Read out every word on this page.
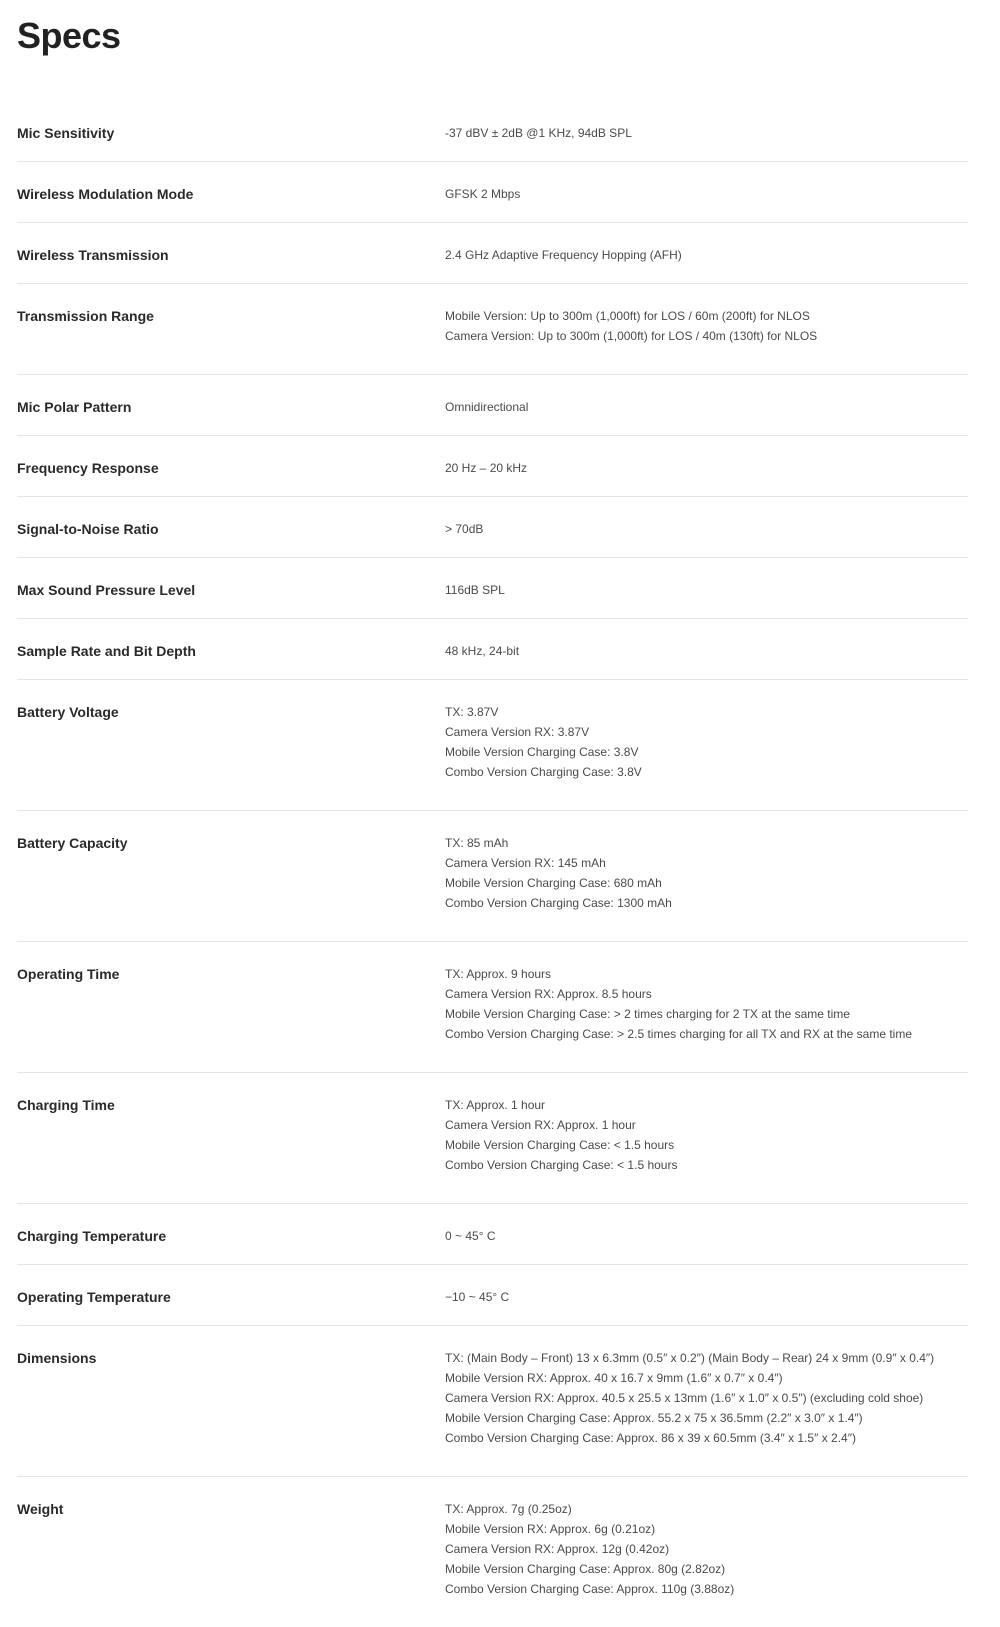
Specs
Mic Sensitivity	-37 dBV ± 2dB @1 KHz, 94dB SPL
Wireless Modulation Mode	GFSK 2 Mbps
Wireless Transmission	2.4 GHz Adaptive Frequency Hopping (AFH)
Transmission Range	Mobile Version: Up to 300m (1,000ft) for LOS / 60m (200ft) for NLOS
Camera Version: Up to 300m (1,000ft) for LOS / 40m (130ft) for NLOS
Mic Polar Pattern	Omnidirectional
Frequency Response	20 Hz – 20 kHz
Signal-to-Noise Ratio	> 70dB
Max Sound Pressure Level	116dB SPL
Sample Rate and Bit Depth	48 kHz, 24-bit
Battery Voltage	TX: 3.87V
Camera Version RX: 3.87V
Mobile Version Charging Case: 3.8V
Combo Version Charging Case: 3.8V
Battery Capacity	TX: 85 mAh
Camera Version RX: 145 mAh
Mobile Version Charging Case: 680 mAh
Combo Version Charging Case: 1300 mAh
Operating Time	TX: Approx. 9 hours
Camera Version RX: Approx. 8.5 hours
Mobile Version Charging Case: > 2 times charging for 2 TX at the same time
Combo Version Charging Case: > 2.5 times charging for all TX and RX at the same time
Charging Time	TX: Approx. 1 hour
Camera Version RX: Approx. 1 hour
Mobile Version Charging Case: < 1.5 hours
Combo Version Charging Case: < 1.5 hours
Charging Temperature	0 ~ 45° C
Operating Temperature	−10 ~ 45° C
Dimensions	TX: (Main Body – Front) 13 x 6.3mm (0.5″ x 0.2″) (Main Body – Rear) 24 x 9mm (0.9″ x 0.4″)
Mobile Version RX: Approx. 40 x 16.7 x 9mm (1.6″ x 0.7″ x 0.4″)
Camera Version RX: Approx. 40.5 x 25.5 x 13mm (1.6″ x 1.0″ x 0.5″) (excluding cold shoe)
Mobile Version Charging Case: Approx. 55.2 x 75 x 36.5mm (2.2″ x 3.0″ x 1.4″)
Combo Version Charging Case: Approx. 86 x 39 x 60.5mm (3.4″ x 1.5″ x 2.4″)
Weight	TX: Approx. 7g (0.25oz)
Mobile Version RX: Approx. 6g (0.21oz)
Camera Version RX: Approx. 12g (0.42oz)
Mobile Version Charging Case: Approx. 80g (2.82oz)
Combo Version Charging Case: Approx. 110g (3.88oz)
